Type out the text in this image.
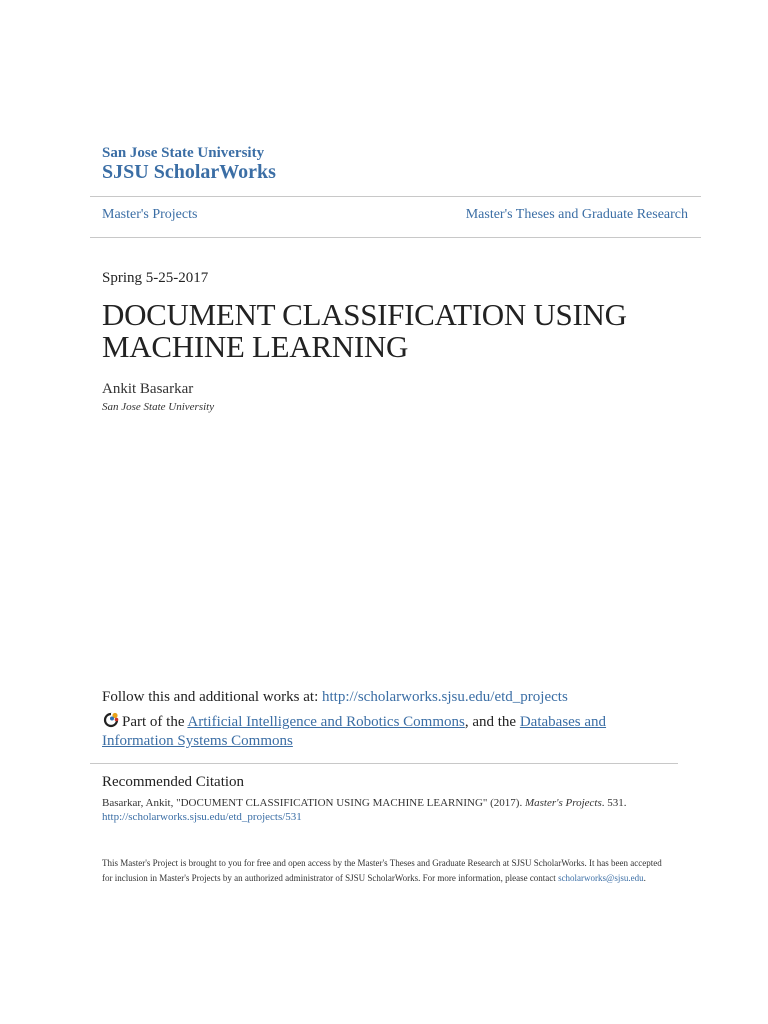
San Jose State University
SJSU ScholarWorks
Master's Projects	Master's Theses and Graduate Research
Spring 5-25-2017
DOCUMENT CLASSIFICATION USING MACHINE LEARNING
Ankit Basarkar
San Jose State University
Follow this and additional works at: http://scholarworks.sjsu.edu/etd_projects
Part of the Artificial Intelligence and Robotics Commons, and the Databases and Information Systems Commons
Recommended Citation
Basarkar, Ankit, "DOCUMENT CLASSIFICATION USING MACHINE LEARNING" (2017). Master's Projects. 531.
http://scholarworks.sjsu.edu/etd_projects/531
This Master's Project is brought to you for free and open access by the Master's Theses and Graduate Research at SJSU ScholarWorks. It has been accepted for inclusion in Master's Projects by an authorized administrator of SJSU ScholarWorks. For more information, please contact scholarworks@sjsu.edu.
